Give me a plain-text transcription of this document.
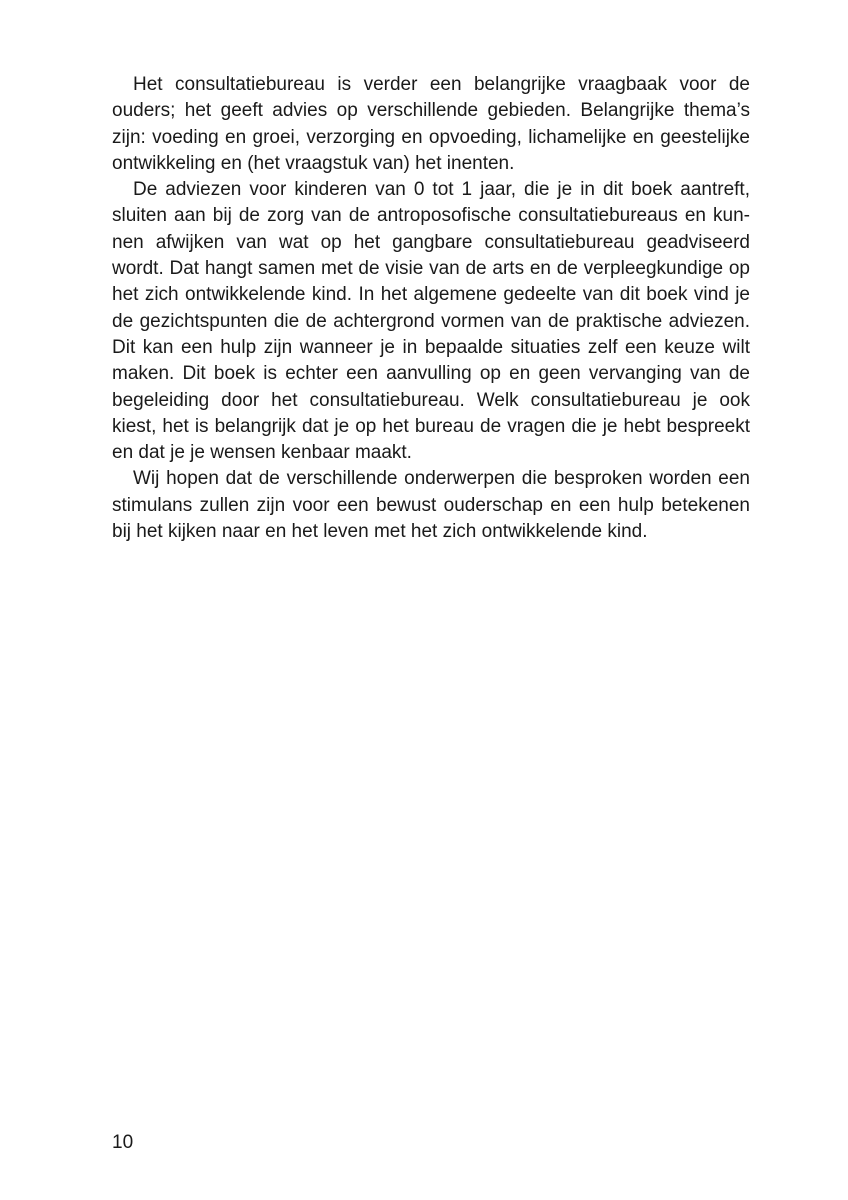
Het consultatiebureau is verder een belangrijke vraagbaak voor de ouders; het geeft advies op verschillende gebieden. Belangrijke thema’s zijn: voeding en groei, verzorging en opvoeding, lichamelijke en geestelijke ontwikkeling en (het vraagstuk van) het inenten.

De adviezen voor kinderen van 0 tot 1 jaar, die je in dit boek aantreft, sluiten aan bij de zorg van de antroposofische consultatiebureaus en kunnen afwijken van wat op het gangbare consultatiebureau geadviseerd wordt. Dat hangt samen met de visie van de arts en de verpleegkundige op het zich ontwikkelende kind. In het algemene gedeelte van dit boek vind je de gezichtspunten die de achtergrond vormen van de praktische adviezen. Dit kan een hulp zijn wanneer je in bepaalde situaties zelf een keuze wilt maken. Dit boek is echter een aanvulling op en geen vervanging van de begeleiding door het consultatiebureau. Welk consultatiebureau je ook kiest, het is belangrijk dat je op het bureau de vragen die je hebt bespreekt en dat je je wensen kenbaar maakt.

Wij hopen dat de verschillende onderwerpen die besproken worden een stimulans zullen zijn voor een bewust ouderschap en een hulp betekenen bij het kijken naar en het leven met het zich ontwikkelende kind.

10
